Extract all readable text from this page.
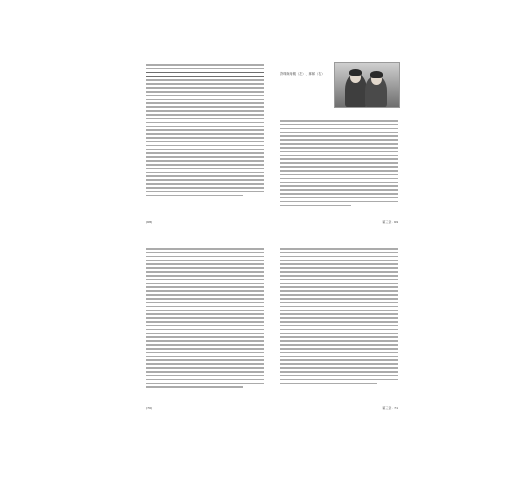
(68)
許珠與母親（左）、姊姊（右）
第三章 · 69
(70)	第三章 · 71
